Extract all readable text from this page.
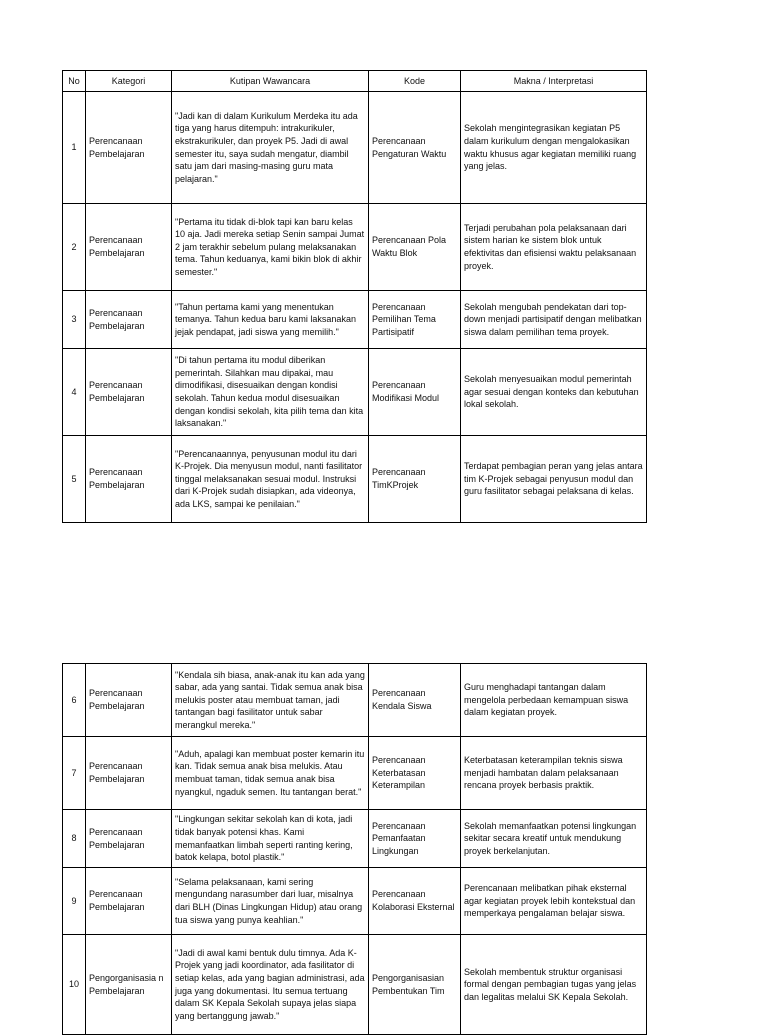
No	Kategori	Kutipan Wawancara	Kode	Makna / Interpretasi
1	Perencanaan Pembelajaran	"Jadi kan di dalam Kurikulum Merdeka itu ada tiga yang harus ditempuh: intrakurikuler, ekstrakurikuler, dan proyek P5. Jadi di awal semester itu, saya sudah mengatur, diambil satu jam dari masing-masing guru mata pelajaran."	Perencanaan Pengaturan Waktu	Sekolah mengintegrasikan kegiatan P5 dalam kurikulum dengan mengalokasikan waktu khusus agar kegiatan memiliki ruang yang jelas.
2	Perencanaan Pembelajaran	"Pertama itu tidak di-blok tapi kan baru kelas 10 aja. Jadi mereka setiap Senin sampai Jumat 2 jam terakhir sebelum pulang melaksanakan tema. Tahun keduanya, kami bikin blok di akhir semester."	Perencanaan Pola Waktu Blok	Terjadi perubahan pola pelaksanaan dari sistem harian ke sistem blok untuk efektivitas dan efisiensi waktu pelaksanaan proyek.
3	Perencanaan Pembelajaran	"Tahun pertama kami yang menentukan temanya. Tahun kedua baru kami laksanakan jejak pendapat, jadi siswa yang memilih."	Perencanaan Pemilihan Tema Partisipatif	Sekolah mengubah pendekatan dari top-down menjadi partisipatif dengan melibatkan siswa dalam pemilihan tema proyek.
4	Perencanaan Pembelajaran	"Di tahun pertama itu modul diberikan pemerintah. Silahkan mau dipakai, mau dimodifikasi, disesuaikan dengan kondisi sekolah. Tahun kedua modul disesuaikan dengan kondisi sekolah, kita pilih tema dan kita laksanakan."	Perencanaan Modifikasi Modul	Sekolah menyesuaikan modul pemerintah agar sesuai dengan konteks dan kebutuhan lokal sekolah.
5	Perencanaan Pembelajaran	"Perencanaannya, penyusunan modul itu dari K-Projek. Dia menyusun modul, nanti fasilitator tinggal melaksanakan sesuai modul. Instruksi dari K-Projek sudah disiapkan, ada videonya, ada LKS, sampai ke penilaian."	Perencanaan TimKProjek	Terdapat pembagian peran yang jelas antara tim K-Projek sebagai penyusun modul dan guru fasilitator sebagai pelaksana di kelas.
6	Perencanaan Pembelajaran	"Kendala sih biasa, anak-anak itu kan ada yang sabar, ada yang santai. Tidak semua anak bisa melukis poster atau membuat taman, jadi tantangan bagi fasilitator untuk sabar merangkul mereka."	Perencanaan Kendala Siswa	Guru menghadapi tantangan dalam mengelola perbedaan kemampuan siswa dalam kegiatan proyek.
7	Perencanaan Pembelajaran	"Aduh, apalagi kan membuat poster kemarin itu kan. Tidak semua anak bisa melukis. Atau membuat taman, tidak semua anak bisa nyangkul, ngaduk semen. Itu tantangan berat."	Perencanaan Keterbatasan Keterampilan	Keterbatasan keterampilan teknis siswa menjadi hambatan dalam pelaksanaan rencana proyek berbasis praktik.
8	Perencanaan Pembelajaran	"Lingkungan sekitar sekolah kan di kota, jadi tidak banyak potensi khas. Kami memanfaatkan limbah seperti ranting kering, batok kelapa, botol plastik."	Perencanaan Pemanfaatan Lingkungan	Sekolah memanfaatkan potensi lingkungan sekitar secara kreatif untuk mendukung proyek berkelanjutan.
9	Perencanaan Pembelajaran	"Selama pelaksanaan, kami sering mengundang narasumber dari luar, misalnya dari BLH (Dinas Lingkungan Hidup) atau orang tua siswa yang punya keahlian."	Perencanaan Kolaborasi Eksternal	Perencanaan melibatkan pihak eksternal agar kegiatan proyek lebih kontekstual dan memperkaya pengalaman belajar siswa.
10	Pengorganisasia n Pembelajaran	"Jadi di awal kami bentuk dulu timnya. Ada K-Projek yang jadi koordinator, ada fasilitator di setiap kelas, ada yang bagian administrasi, ada juga yang dokumentasi. Itu semua tertuang dalam SK Kepala Sekolah supaya jelas siapa yang bertanggung jawab."	Pengorganisasian Pembentukan Tim	Sekolah membentuk struktur organisasi formal dengan pembagian tugas yang jelas dan legalitas melalui SK Kepala Sekolah.
